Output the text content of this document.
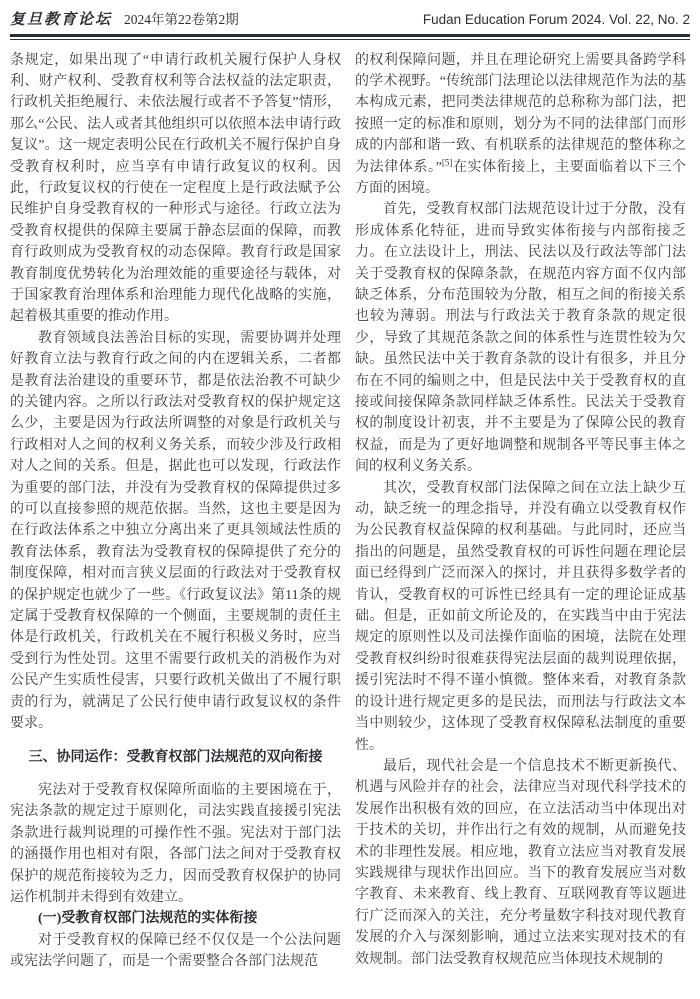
复旦教育论坛 2024年第22卷第2期	Fudan Education Forum 2024. Vol. 22, No. 2

条规定，如果出现了“申请行政机关履行保护人身权利、财产权利、受教育权利等合法权益的法定职责，行政机关拒绝履行、未依法履行或者不予答复”情形，那么“公民、法人或者其他组织可以依照本法申请行政复议”。这一规定表明公民在行政机关不履行保护自身受教育权利时，应当享有申请行政复议的权利。因此，行政复议权的行使在一定程度上是行政法赋予公民维护自身受教育权的一种形式与途径。行政立法为受教育权提供的保障主要属于静态层面的保障，而教育行政则成为受教育权的动态保障。教育行政是国家教育制度优势转化为治理效能的重要途径与载体，对于国家教育治理体系和治理能力现代化战略的实施，起着极其重要的推动作用。

教育领域良法善治目标的实现，需要协调并处理好教育立法与教育行政之间的内在逻辑关系，二者都是教育法治建设的重要环节，都是依法治教不可缺少的关键内容。之所以行政法对受教育权的保护规定这么少，主要是因为行政法所调整的对象是行政机关与行政相对人之间的权利义务关系，而较少涉及行政相对人之间的关系。但是，据此也可以发现，行政法作为重要的部门法，并没有为受教育权的保障提供过多的可以直接参照的规范依据。当然，这也主要是因为在行政法体系之中独立分离出来了更具领域法性质的教育法体系，教育法为受教育权的保障提供了充分的制度保障，相对而言狭义层面的行政法对于受教育权的保护规定也就少了一些。《行政复议法》第11条的规定属于受教育权保障的一个侧面，主要规制的责任主体是行政机关，行政机关在不履行积极义务时，应当受到行为性处罚。这里不需要行政机关的消极作为对公民产生实质性侵害，只要行政机关做出了不履行职责的行为，就满足了公民行使申请行政复议权的条件要求。

三、协同运作：受教育权部门法规范的双向衔接

宪法对于受教育权保障所面临的主要困境在于，宪法条款的规定过于原则化，司法实践直接援引宪法条款进行裁判说理的可操作性不强。宪法对于部门法的涵摄作用也相对有限，各部门法之间对于受教育权保护的规范衔接较为乏力，因而受教育权保护的协同运作机制并未得到有效建立。

(一)受教育权部门法规范的实体衔接

对于受教育权的保障已经不仅仅是一个公法问题或宪法学问题了，而是一个需要整合各部门法规范

的权利保障问题，并且在理论研究上需要具备跨学科的学术视野。“传统部门法理论以法律规范作为法的基本构成元素，把同类法律规范的总称称为部门法，把按照一定的标准和原则，划分为不同的法律部门而形成的内部和谐一致、有机联系的法律规范的整体称之为法律体系。”[5]在实体衔接上，主要面临着以下三个方面的困境。

首先，受教育权部门法规范设计过于分散，没有形成体系化特征，进而导致实体衔接与内部衔接乏力。在立法设计上，刑法、民法以及行政法等部门法关于受教育权的保障条款，在规范内容方面不仅内部缺乏体系，分布范围较为分散，相互之间的衔接关系也较为薄弱。刑法与行政法关于教育条款的规定很少，导致了其规范条款之间的体系性与连贯性较为欠缺。虽然民法中关于教育条款的设计有很多，并且分布在不同的编则之中，但是民法中关于受教育权的直接或间接保障条款同样缺乏体系性。民法关于受教育权的制度设计初衷，并不主要是为了保障公民的教育权益，而是为了更好地调整和规制各平等民事主体之间的权利义务关系。

其次，受教育权部门法保障之间在立法上缺少互动，缺乏统一的理念指导，并没有确立以受教育权作为公民教育权益保障的权利基础。与此同时，还应当指出的问题是，虽然受教育权的可诉性问题在理论层面已经得到广泛而深入的探讨，并且获得多数学者的肯认，受教育权的可诉性已经具有一定的理论证成基础。但是，正如前文所论及的，在实践当中由于宪法规定的原则性以及司法操作面临的困境，法院在处理受教育权纠纷时很难获得宪法层面的裁判说理依据，援引宪法时不得不谨小慎微。整体来看，对教育条款的设计进行规定更多的是民法，而刑法与行政法文本当中则较少，这体现了受教育权保障私法制度的重要性。

最后，现代社会是一个信息技术不断更新换代、机遇与风险并存的社会，法律应当对现代科学技术的发展作出积极有效的回应，在立法活动当中体现出对于技术的关切，并作出行之有效的规制，从而避免技术的非理性发展。相应地，教育立法应当对教育发展实践规律与现状作出回应。当下的教育发展应当对数字教育、未来教育、线上教育、互联网教育等议题进行广泛而深入的关注，充分考量数字科技对现代教育发展的介入与深刻影响，通过立法来实现对技术的有效规制。部门法受教育权规范应当体现技术规制的
